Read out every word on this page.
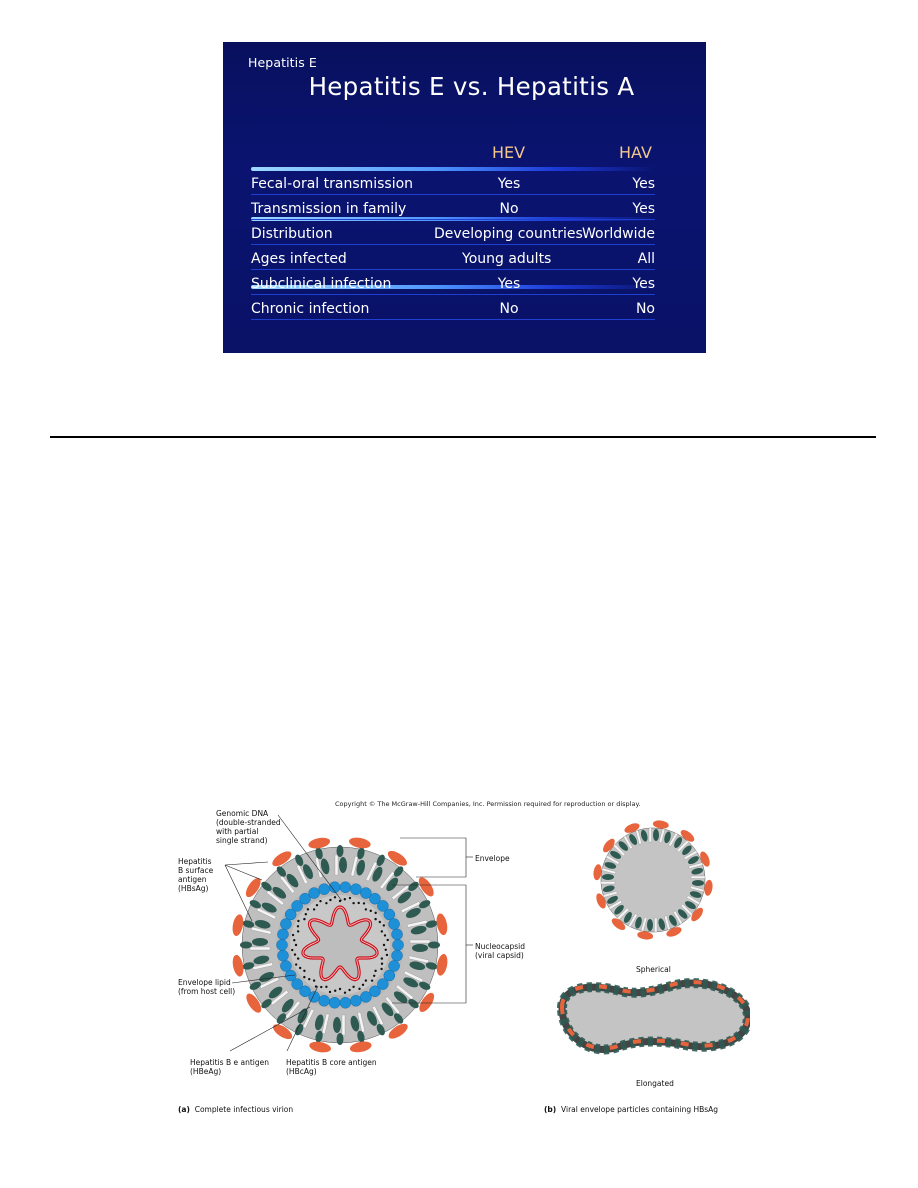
Hepatitis E
Hepatitis E vs. Hepatitis A
HEV	HAV
Fecal-oral transmission	Yes	Yes
Transmission in family	No	Yes
Distribution	Developing countries Worldwide
Ages infected	Young adults	All
Subclinical infection	Yes	Yes
Chronic infection	No	No
Copyright © The McGraw-Hill Companies, Inc. Permission required for reproduction or display.
Genomic DNA
(double-stranded
with partial
single strand)
Hepatitis
B surface
antigen
(HBsAg)
Envelope lipid
(from host cell)
Hepatitis B e antigen
(HBeAg)
Hepatitis B core antigen
(HBcAg)
Envelope
Nucleocapsid
(viral capsid)
Spherical
Elongated
(a) Complete infectious virion	(b) Viral envelope particles containing HBsAg
